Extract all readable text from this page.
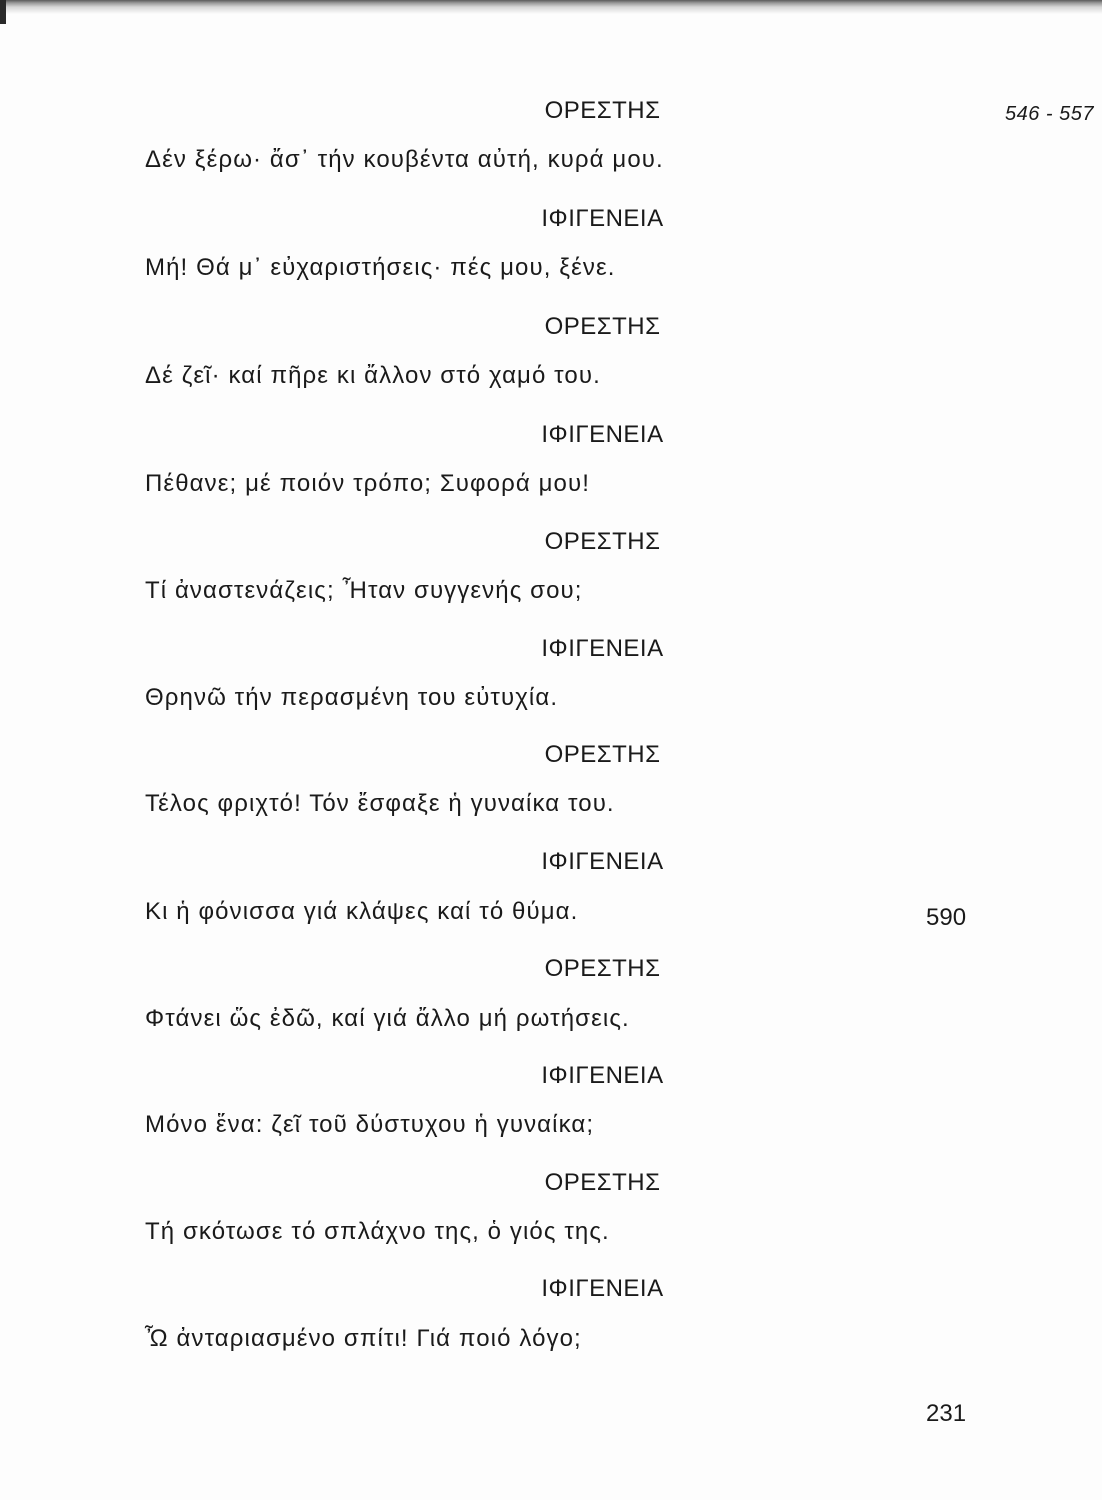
546 - 557
ΟΡΕΣΤΗΣ
Δέν ξέρω· ἄσ᾽ τήν κουβέντα αὐτή, κυρά μου.
ΙΦΙΓΕΝΕΙΑ
Μή! Θά μ᾽ εὐχαριστήσεις· πές μου, ξένε.
ΟΡΕΣΤΗΣ
Δέ ζεῖ· καί πῆρε κι ἄλλον στό χαμό του.
ΙΦΙΓΕΝΕΙΑ
Πέθανε; μέ ποιόν τρόπο; Συφορά μου!
ΟΡΕΣΤΗΣ
Τί ἀναστενάζεις; Ἦταν συγγενής σου;
ΙΦΙΓΕΝΕΙΑ
Θρηνῶ τήν περασμένη του εὐτυχία.
ΟΡΕΣΤΗΣ
Τέλος φριχτό! Τόν ἔσφαξε ἡ γυναίκα του.
ΙΦΙΓΕΝΕΙΑ
Κι ἡ φόνισσα γιά κλάψες καί τό θύμα.	590
ΟΡΕΣΤΗΣ
Φτάνει ὥς ἐδῶ, καί γιά ἄλλο μή ρωτήσεις.
ΙΦΙΓΕΝΕΙΑ
Μόνο ἕνα: ζεῖ τοῦ δύστυχου ἡ γυναίκα;
ΟΡΕΣΤΗΣ
Τή σκότωσε τό σπλάχνο της, ὁ γιός της.
ΙΦΙΓΕΝΕΙΑ
Ὦ ἀνταριασμένο σπίτι! Γιά ποιό λόγο;
231
